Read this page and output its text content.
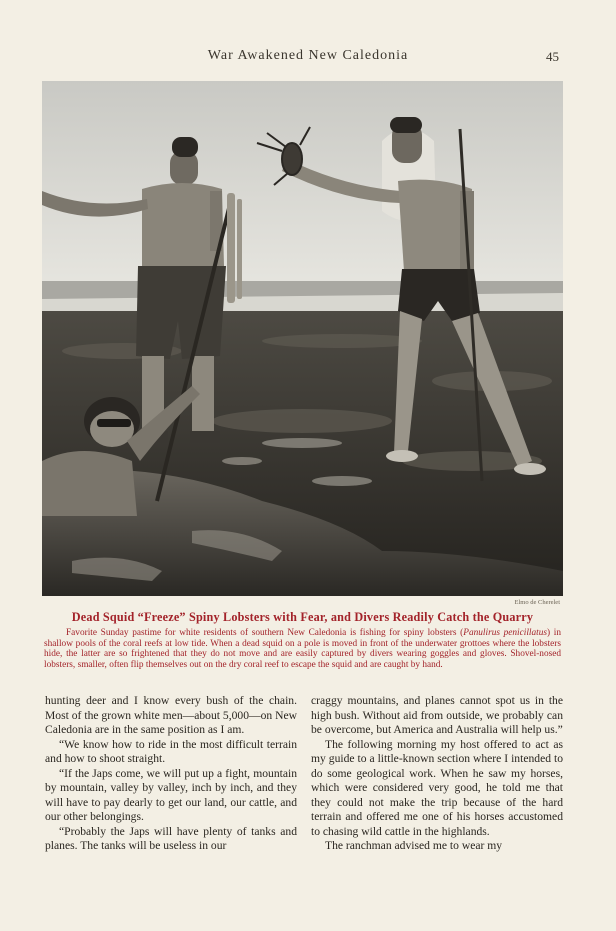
War Awakened New Caledonia	45
Elmo de Cherelet
Dead Squid “Freeze” Spiny Lobsters with Fear, and Divers Readily Catch the Quarry
Favorite Sunday pastime for white residents of southern New Caledonia is fishing for spiny lobsters (Panulirus penicillatus) in shallow pools of the coral reefs at low tide. When a dead squid on a pole is moved in front of the underwater grottoes where the lobsters hide, the latter are so frightened that they do not move and are easily captured by divers wearing goggles and gloves. Shovel-nosed lobsters, smaller, often flip themselves out on the dry coral reef to escape the squid and are caught by hand.

hunting deer and I know every bush of the chain. Most of the grown white men—about 5,000—on New Caledonia are in the same position as I am.

“We know how to ride in the most difficult terrain and how to shoot straight.

“If the Japs come, we will put up a fight, mountain by mountain, valley by valley, inch by inch, and they will have to pay dearly to get our land, our cattle, and our other belongings.

“Probably the Japs will have plenty of tanks and planes. The tanks will be useless in our

craggy mountains, and planes cannot spot us in the high bush. Without aid from outside, we probably can be overcome, but America and Australia will help us.”

The following morning my host offered to act as my guide to a little-known section where I intended to do some geological work. When he saw my horses, which were considered very good, he told me that they could not make the trip because of the hard terrain and offered me one of his horses accustomed to chasing wild cattle in the highlands.

The ranchman advised me to wear my
